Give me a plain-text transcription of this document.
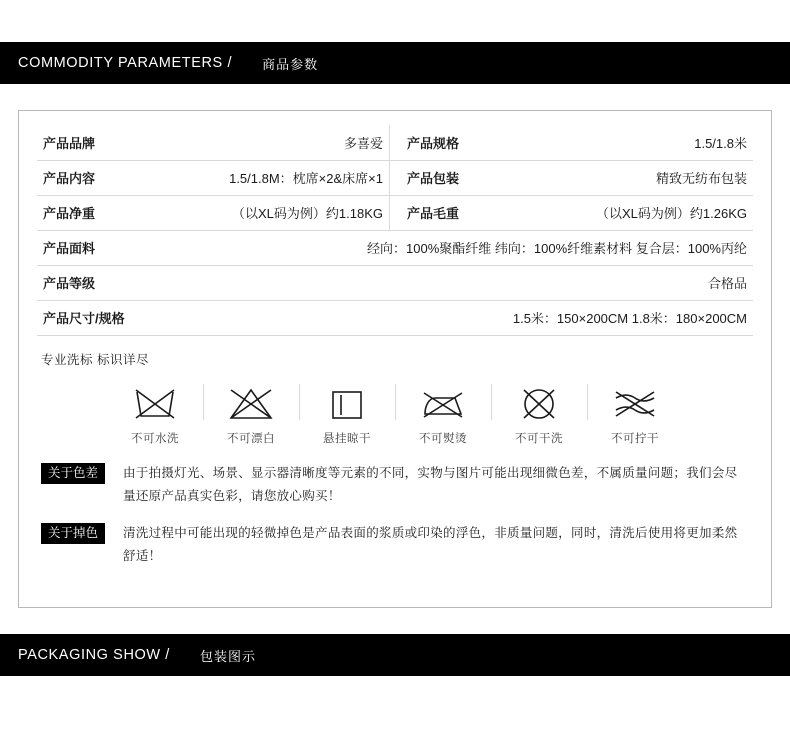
COMMODITY PARAMETERS /	商品参数
产品品牌	多喜爱		产品规格	1.5/1.8米
产品内容	1.5/1.8M：枕席×2&床席×1		产品包装	精致无纺布包装
产品净重	（以XL码为例）约1.18KG		产品毛重	（以XL码为例）约1.26KG
产品面料	经向：100%聚酯纤维 纬向：100%纤维素材料 复合层：100%丙纶			
产品等级	合格品			
产品尺寸/规格	1.5米：150×200CM 1.8米：180×200CM			
专业洗标 标识详尽
不可水洗	不可漂白	悬挂晾干	不可熨烫	不可干洗	不可拧干
关于色差	由于拍摄灯光、场景、显示器清晰度等元素的不同，实物与图片可能出现细微色差，不属质量问题；我们会尽量还原产品真实色彩，请您放心购买！
关于掉色	清洗过程中可能出现的轻微掉色是产品表面的浆质或印染的浮色，非质量问题，同时，清洗后使用将更加柔然舒适！
PACKAGING SHOW /	包装图示
